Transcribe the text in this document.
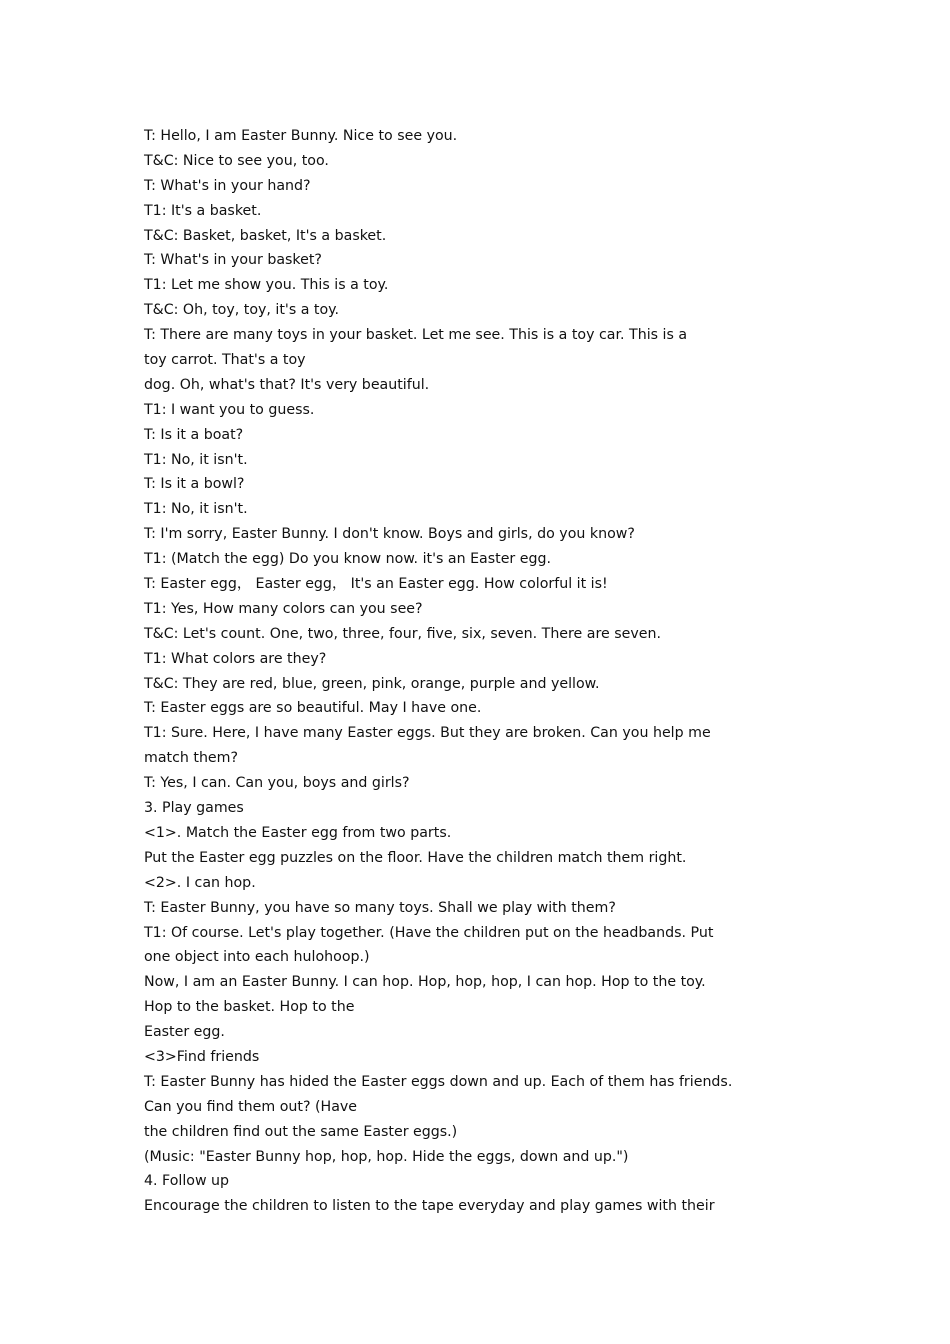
T: Hello, I am Easter Bunny. Nice to see you.
T&C: Nice to see you, too.
T: What's in your hand?
T1: It's a basket.
T&C: Basket, basket, It's a basket.
T: What's in your basket?
T1: Let me show you. This is a toy.
T&C: Oh, toy, toy, it's a toy.
T: There are many toys in your basket. Let me see. This is a toy car. This is a
toy carrot. That's a toy
dog. Oh, what's that? It's very beautiful.
T1: I want you to guess.
T: Is it a boat?
T1: No, it isn't.
T: Is it a bowl?
T1: No, it isn't.
T: I'm sorry, Easter Bunny. I don't know. Boys and girls, do you know?
T1: (Match the egg) Do you know now. it's an Easter egg.
T: Easter egg， Easter egg， It's an Easter egg. How colorful it is!
T1: Yes, How many colors can you see?
T&C: Let's count. One, two, three, four, five, six, seven. There are seven.
T1: What colors are they?
T&C: They are red, blue, green, pink, orange, purple and yellow.
T: Easter eggs are so beautiful. May I have one.
T1: Sure. Here, I have many Easter eggs. But they are broken. Can you help me
match them?
T: Yes, I can. Can you, boys and girls?
3. Play games
<1>. Match the Easter egg from two parts.
Put the Easter egg puzzles on the floor. Have the children match them right.
<2>. I can hop.
T: Easter Bunny, you have so many toys. Shall we play with them?
T1: Of course. Let's play together. (Have the children put on the headbands. Put
one object into each hulohoop.)
Now, I am an Easter Bunny. I can hop. Hop, hop, hop, I can hop. Hop to the toy.
Hop to the basket. Hop to the
Easter egg.
<3>Find friends
T: Easter Bunny has hided the Easter eggs down and up. Each of them has friends.
Can you find them out? (Have
the children find out the same Easter eggs.)
(Music: "Easter Bunny hop, hop, hop. Hide the eggs, down and up.")
4. Follow up
Encourage the children to listen to the tape everyday and play games with their
